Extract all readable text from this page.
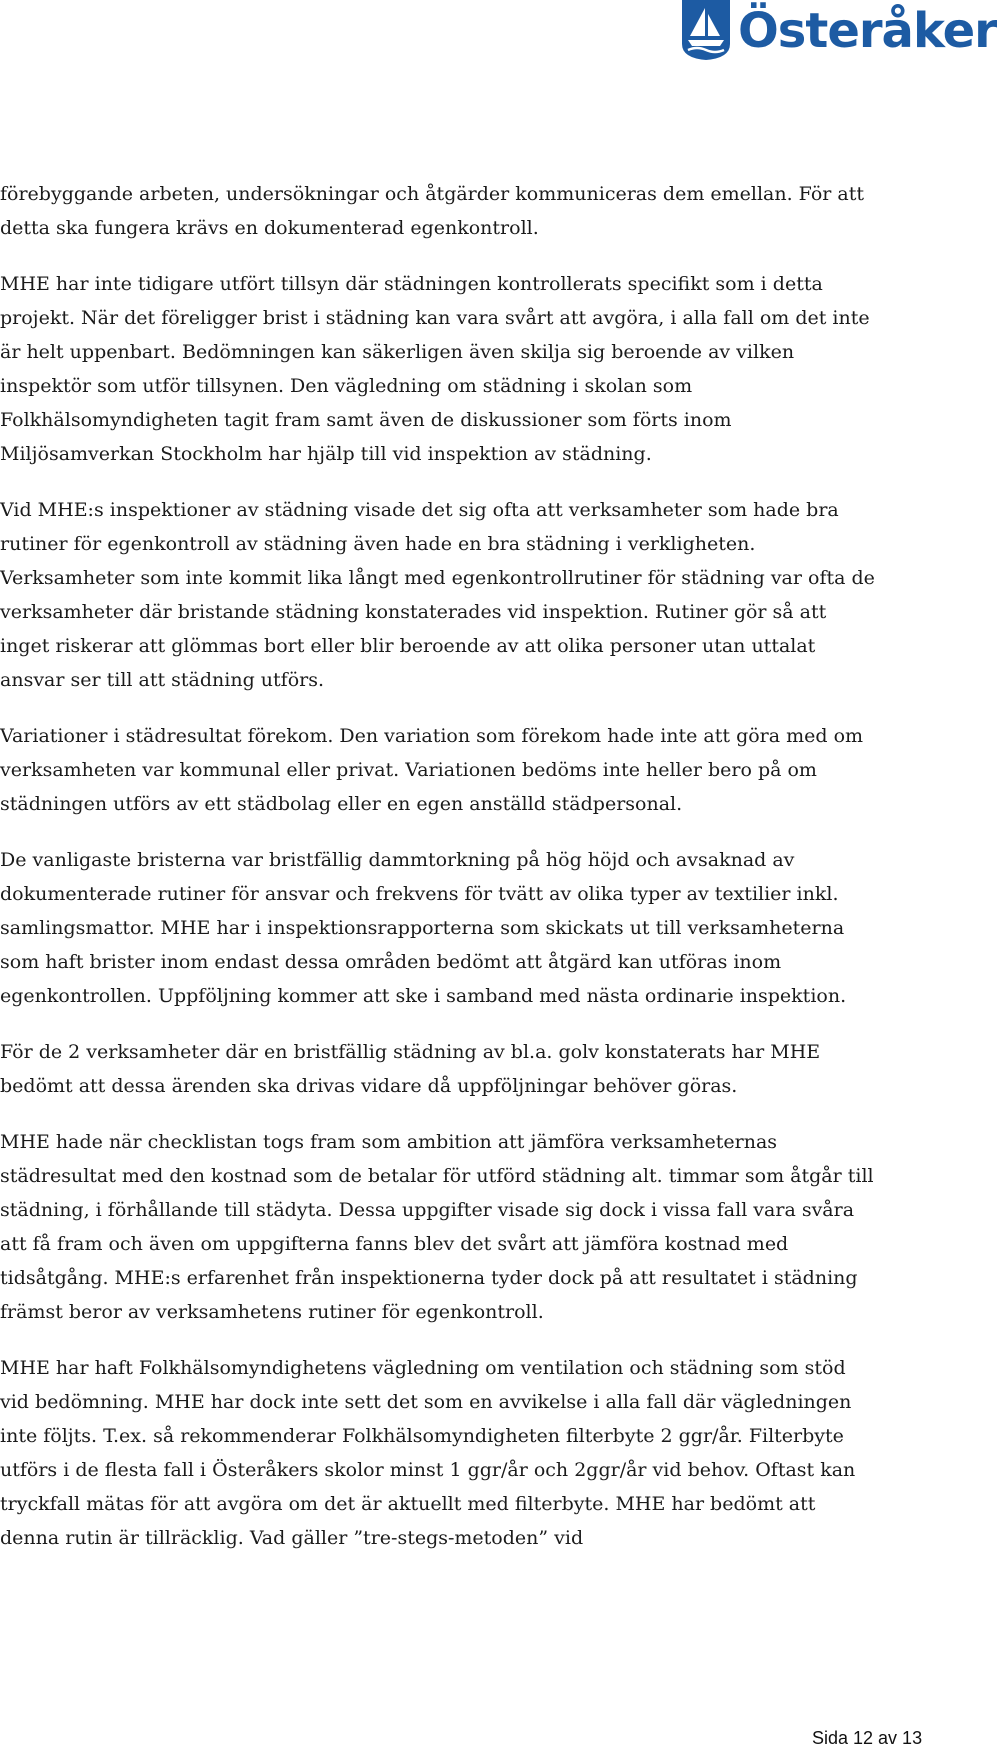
Österåker

förebyggande arbeten, undersökningar och åtgärder kommuniceras dem emellan. För att detta ska fungera krävs en dokumenterad egenkontroll.

MHE har inte tidigare utfört tillsyn där städningen kontrollerats specifikt som i detta projekt. När det föreligger brist i städning kan vara svårt att avgöra, i alla fall om det inte är helt uppenbart. Bedömningen kan säkerligen även skilja sig beroende av vilken inspektör som utför tillsynen. Den vägledning om städning i skolan som Folkhälsomyndigheten tagit fram samt även de diskussioner som förts inom Miljösamverkan Stockholm har hjälp till vid inspektion av städning.

Vid MHE:s inspektioner av städning visade det sig ofta att verksamheter som hade bra rutiner för egenkontroll av städning även hade en bra städning i verkligheten. Verksamheter som inte kommit lika långt med egenkontrollrutiner för städning var ofta de verksamheter där bristande städning konstaterades vid inspektion. Rutiner gör så att inget riskerar att glömmas bort eller blir beroende av att olika personer utan uttalat ansvar ser till att städning utförs.

Variationer i städresultat förekom. Den variation som förekom hade inte att göra med om verksamheten var kommunal eller privat. Variationen bedöms inte heller bero på om städningen utförs av ett städbolag eller en egen anställd städpersonal.

De vanligaste bristerna var bristfällig dammtorkning på hög höjd och avsaknad av dokumenterade rutiner för ansvar och frekvens för tvätt av olika typer av textilier inkl. samlingsmattor. MHE har i inspektionsrapporterna som skickats ut till verksamheterna som haft brister inom endast dessa områden bedömt att åtgärd kan utföras inom egenkontrollen. Uppföljning kommer att ske i samband med nästa ordinarie inspektion.

För de 2 verksamheter där en bristfällig städning av bl.a. golv konstaterats har MHE bedömt att dessa ärenden ska drivas vidare då uppföljningar behöver göras.

MHE hade när checklistan togs fram som ambition att jämföra verksamheternas städresultat med den kostnad som de betalar för utförd städning alt. timmar som åtgår till städning, i förhållande till städyta. Dessa uppgifter visade sig dock i vissa fall vara svåra att få fram och även om uppgifterna fanns blev det svårt att jämföra kostnad med tidsåtgång. MHE:s erfarenhet från inspektionerna tyder dock på att resultatet i städning främst beror av verksamhetens rutiner för egenkontroll.

MHE har haft Folkhälsomyndighetens vägledning om ventilation och städning som stöd vid bedömning. MHE har dock inte sett det som en avvikelse i alla fall där vägledningen inte följts. T.ex. så rekommenderar Folkhälsomyndigheten filterbyte 2 ggr/år. Filterbyte utförs i de flesta fall i Österåkers skolor minst 1 ggr/år och 2ggr/år vid behov. Oftast kan tryckfall mätas för att avgöra om det är aktuellt med filterbyte. MHE har bedömt att denna rutin är tillräcklig. Vad gäller ”tre-stegs-metoden” vid

Sida 12 av 13
